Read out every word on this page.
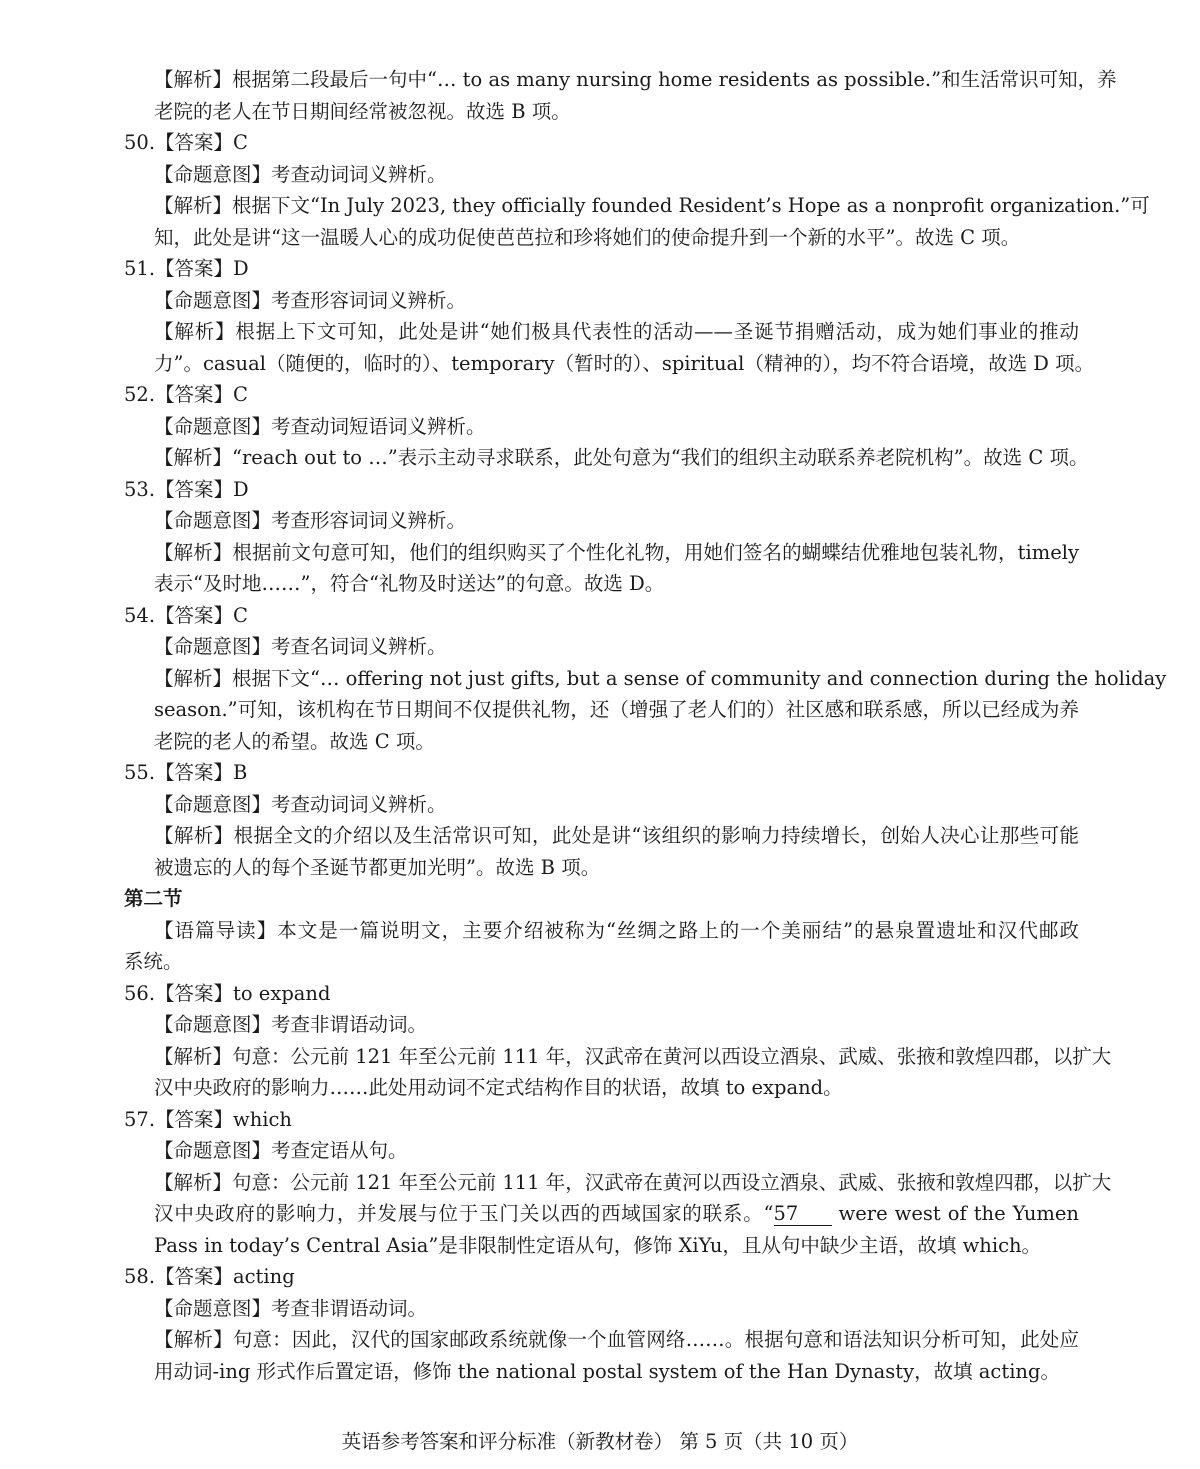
【解析】根据第二段最后一句中“… to as many nursing home residents as possible.”和生活常识可知，养
老院的老人在节日期间经常被忽视。故选 B 项。
50.【答案】C
【命题意图】考查动词词义辨析。
【解析】根据下文“In July 2023, they officially founded Resident’s Hope as a nonprofit organization.”可
知，此处是讲“这一温暖人心的成功促使芭芭拉和珍将她们的使命提升到一个新的水平”。故选 C 项。
51.【答案】D
【命题意图】考查形容词词义辨析。
【解析】根据上下文可知，此处是讲“她们极具代表性的活动——圣诞节捐赠活动，成为她们事业的推动
力”。casual（随便的，临时的）、temporary（暂时的）、spiritual（精神的），均不符合语境，故选 D 项。
52.【答案】C
【命题意图】考查动词短语词义辨析。
【解析】“reach out to …”表示主动寻求联系，此处句意为“我们的组织主动联系养老院机构”。故选 C 项。
53.【答案】D
【命题意图】考查形容词词义辨析。
【解析】根据前文句意可知，他们的组织购买了个性化礼物，用她们签名的蝴蝶结优雅地包装礼物，timely
表示“及时地……”，符合“礼物及时送达”的句意。故选 D。
54.【答案】C
【命题意图】考查名词词义辨析。
【解析】根据下文“… offering not just gifts, but a sense of community and connection during the holiday
season.”可知，该机构在节日期间不仅提供礼物，还（增强了老人们的）社区感和联系感，所以已经成为养
老院的老人的希望。故选 C 项。
55.【答案】B
【命题意图】考查动词词义辨析。
【解析】根据全文的介绍以及生活常识可知，此处是讲“该组织的影响力持续增长，创始人决心让那些可能
被遗忘的人的每个圣诞节都更加光明”。故选 B 项。
第二节
【语篇导读】本文是一篇说明文，主要介绍被称为“丝绸之路上的一个美丽结”的悬泉置遗址和汉代邮政
系统。
56.【答案】to expand
【命题意图】考查非谓语动词。
【解析】句意：公元前 121 年至公元前 111 年，汉武帝在黄河以西设立酒泉、武威、张掖和敦煌四郡，以扩大
汉中央政府的影响力……此处用动词不定式结构作目的状语，故填 to expand。
57.【答案】which
【命题意图】考查定语从句。
【解析】句意：公元前 121 年至公元前 111 年，汉武帝在黄河以西设立酒泉、武威、张掖和敦煌四郡，以扩大
汉中央政府的影响力，并发展与位于玉门关以西的西域国家的联系。“57 were west of the Yumen
Pass in today’s Central Asia”是非限制性定语从句，修饰 XiYu，且从句中缺少主语，故填 which。
58.【答案】acting
【命题意图】考查非谓语动词。
【解析】句意：因此，汉代的国家邮政系统就像一个血管网络……。根据句意和语法知识分析可知，此处应
用动词-ing 形式作后置定语，修饰 the national postal system of the Han Dynasty，故填 acting。
英语参考答案和评分标准（新教材卷） 第 5 页（共 10 页）
